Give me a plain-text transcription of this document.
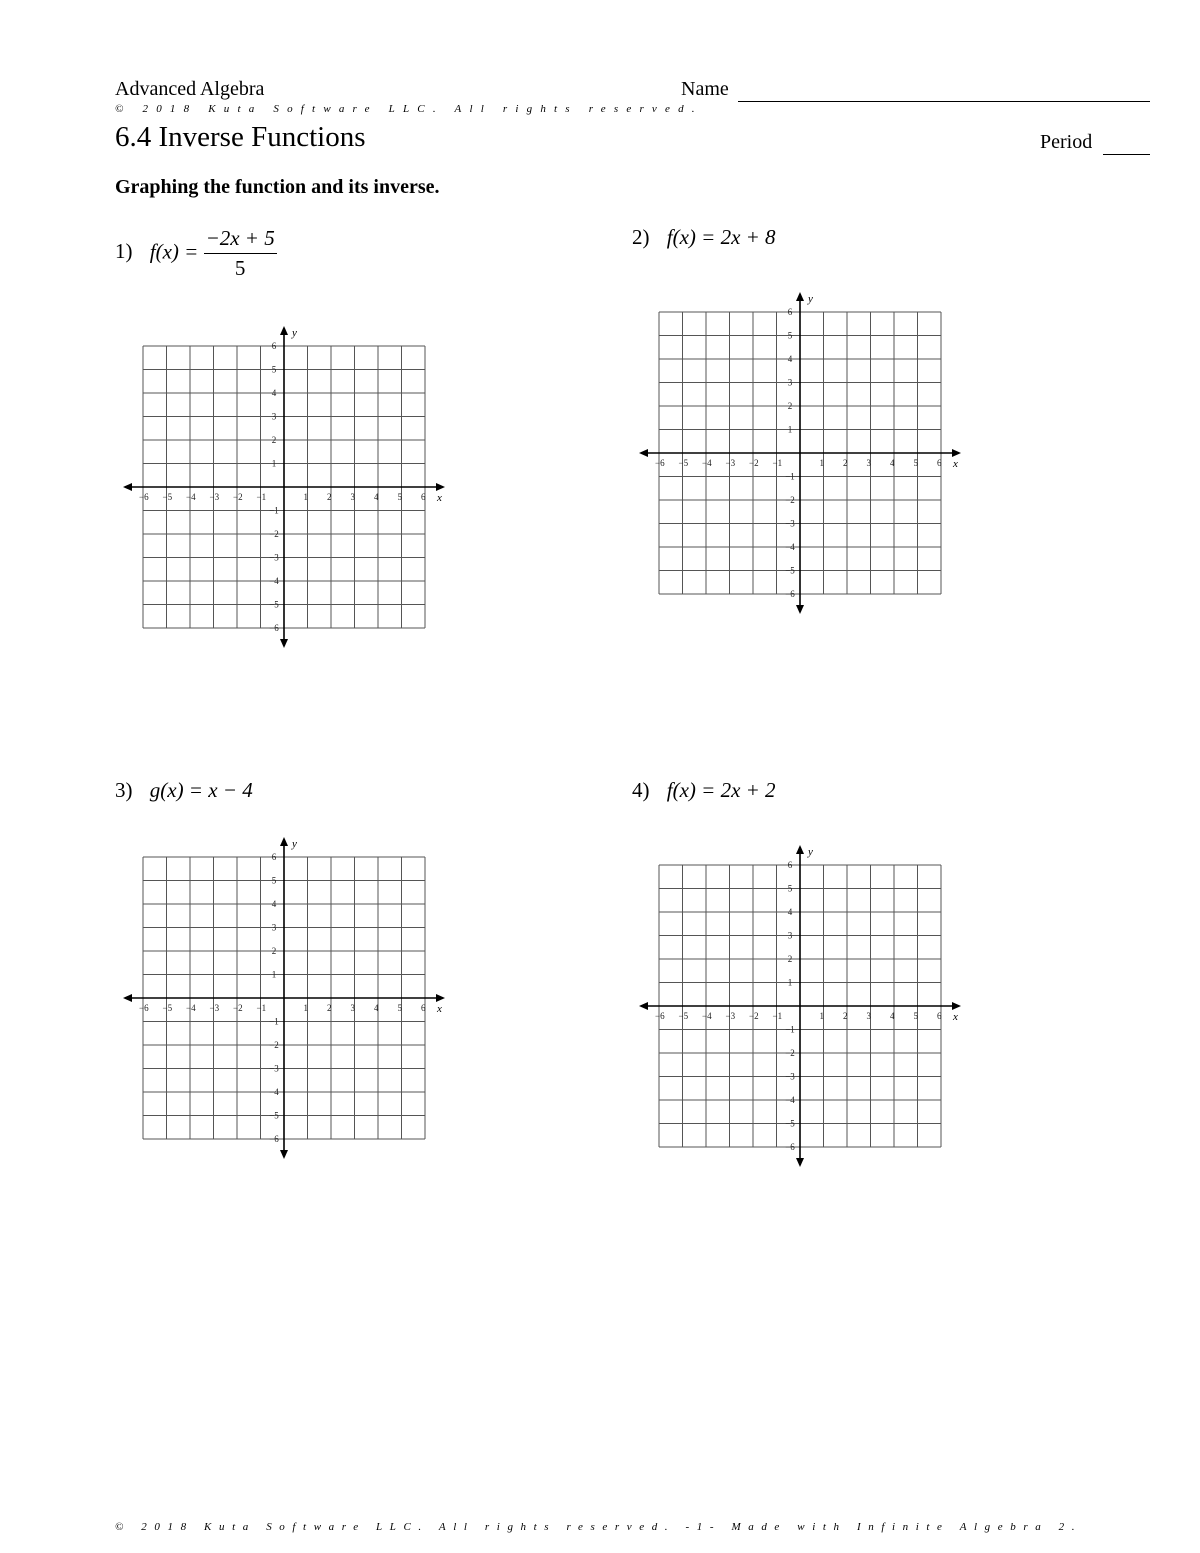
Advanced Algebra	Name
© 2018 Kuta Software LLC. All rights reserved.
6.4 Inverse Functions	Period
Graphing the function and its inverse.
1) $f(x) = \frac{-2x + 5}{5}$	2) f(x) = 2x + 8
3) g(x) = x − 4	4) f(x) = 2x + 2
x
y
−6
−6
−5
−5
−4
−4
−3
−3
−2
−2
−1
−1
1
1
2
2
3
3
4
4
5
5
6
6
x
y
−6
−6
−5
−5
−4
−4
−3
−3
−2
−2
−1
−1
1
1
2
2
3
3
4
4
5
5
6
6
x
y
−6
−6
−5
−5
−4
−4
−3
−3
−2
−2
−1
−1
1
1
2
2
3
3
4
4
5
5
6
6
x
y
−6
−6
−5
−5
−4
−4
−3
−3
−2
−2
−1
−1
1
1
2
2
3
3
4
4
5
5
6
6
© 2018 Kuta Software LLC. All rights reserved. -1- Made with Infinite Algebra 2.
